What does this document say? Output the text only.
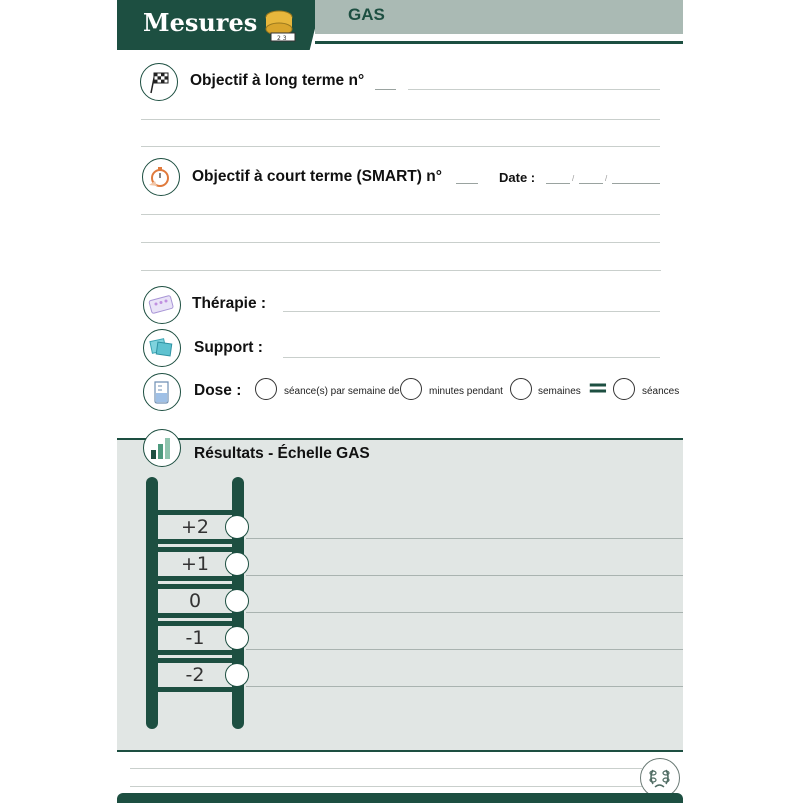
Mesures
2 3
GAS
Objectif à long terme n°
Objectif à court terme (SMART) n°	Date :	/	/
Thérapie :
Support :
Dose :	séance(s) par semaine de	minutes pendant	semaines =	séances
Résultats - Échelle GAS
+2
+1
0
-1
-2
